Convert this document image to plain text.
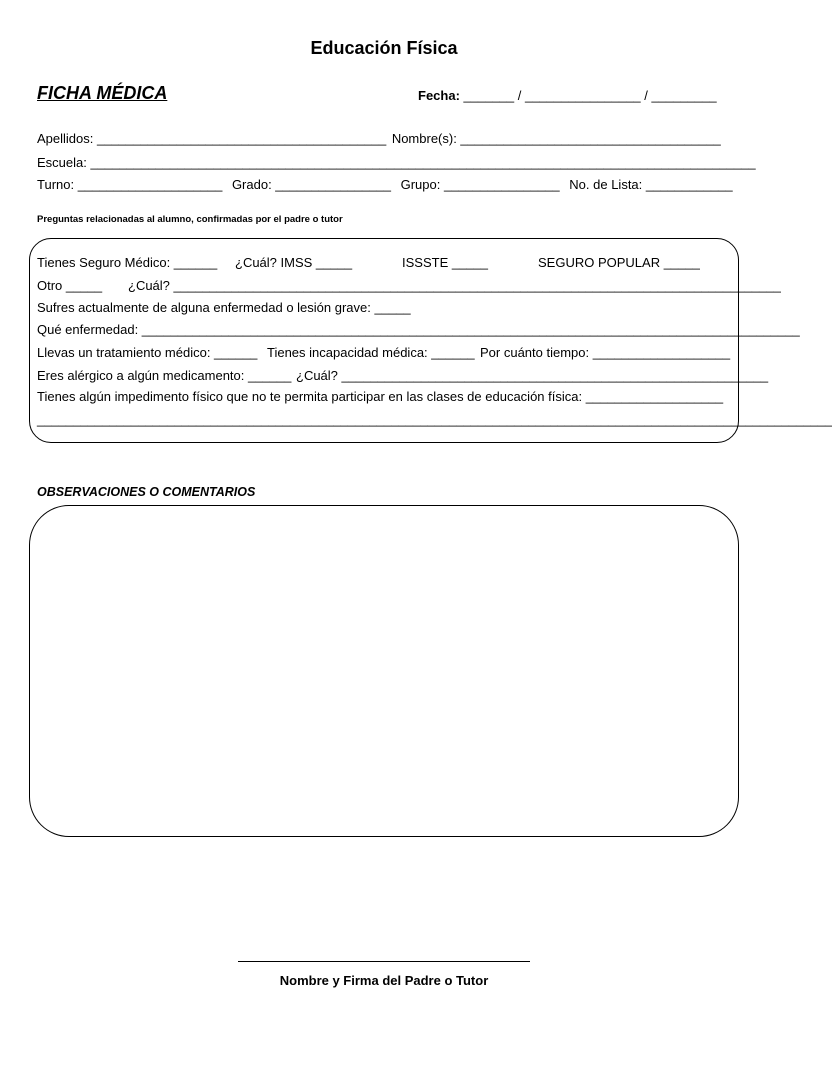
Educación Física
FICHA MÉDICA	Fecha: _______ / ________________ / _________
Apellidos: ________________________________________ Nombre(s): ____________________________________
Escuela: ____________________________________________________________________________________________
Turno: ____________________ Grado: ________________ Grupo: ________________ No. de Lista: ____________
Preguntas relacionadas al alumno, confirmadas por el padre o tutor
Tienes Seguro Médico: ______ ¿Cuál? IMSS _____	ISSSTE _____	SEGURO POPULAR _____
Otro _____ ¿Cuál? ____________________________________________________________________________________
Sufres actualmente de alguna enfermedad o lesión grave: _____
Qué enfermedad: ___________________________________________________________________________________________
Llevas un tratamiento médico: ______ Tienes incapacidad médica: ______ Por cuánto tiempo: ___________________
Eres alérgico a algún medicamento: ______ ¿Cuál? ___________________________________________________________
Tienes algún impedimento físico que no te permita participar en las clases de educación física: ___________________
______________________________________________________________________________________________________________
OBSERVACIONES O COMENTARIOS
Nombre y Firma del Padre o Tutor
